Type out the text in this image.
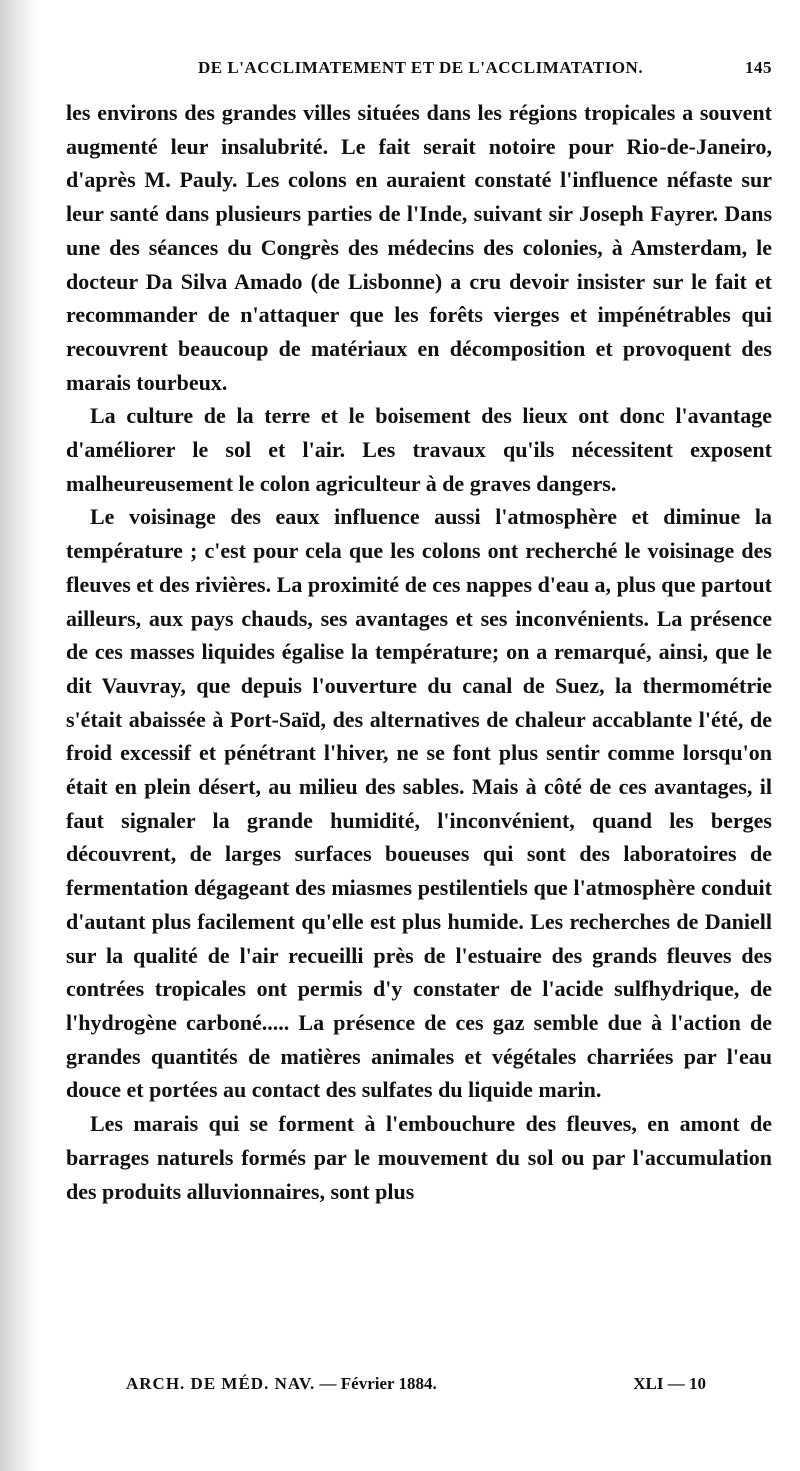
DE L'ACCLIMATEMENT ET DE L'ACCLIMATATION.	145

les environs des grandes villes situées dans les régions tropicales a souvent augmenté leur insalubrité. Le fait serait notoire pour Rio-de-Janeiro, d'après M. Pauly. Les colons en auraient constaté l'influence néfaste sur leur santé dans plusieurs parties de l'Inde, suivant sir Joseph Fayrer. Dans une des séances du Congrès des médecins des colonies, à Amsterdam, le docteur Da Silva Amado (de Lisbonne) a cru devoir insister sur le fait et recommander de n'attaquer que les forêts vierges et impénétrables qui recouvrent beaucoup de matériaux en décomposition et provoquent des marais tourbeux.

La culture de la terre et le boisement des lieux ont donc l'avantage d'améliorer le sol et l'air. Les travaux qu'ils nécessitent exposent malheureusement le colon agriculteur à de graves dangers.

Le voisinage des eaux influence aussi l'atmosphère et diminue la température ; c'est pour cela que les colons ont recherché le voisinage des fleuves et des rivières. La proximité de ces nappes d'eau a, plus que partout ailleurs, aux pays chauds, ses avantages et ses inconvénients. La présence de ces masses liquides égalise la température; on a remarqué, ainsi, que le dit Vauvray, que depuis l'ouverture du canal de Suez, la thermométrie s'était abaissée à Port-Saïd, des alternatives de chaleur accablante l'été, de froid excessif et pénétrant l'hiver, ne se font plus sentir comme lorsqu'on était en plein désert, au milieu des sables. Mais à côté de ces avantages, il faut signaler la grande humidité, l'inconvénient, quand les berges découvrent, de larges surfaces boueuses qui sont des laboratoires de fermentation dégageant des miasmes pestilentiels que l'atmosphère conduit d'autant plus facilement qu'elle est plus humide. Les recherches de Daniell sur la qualité de l'air recueilli près de l'estuaire des grands fleuves des contrées tropicales ont permis d'y constater de l'acide sulfhydrique, de l'hydrogène carboné..... La présence de ces gaz semble due à l'action de grandes quantités de matières animales et végétales charriées par l'eau douce et portées au contact des sulfates du liquide marin.

Les marais qui se forment à l'embouchure des fleuves, en amont de barrages naturels formés par le mouvement du sol ou par l'accumulation des produits alluvionnaires, sont plus

ARCH. DE MÉD. NAV. — Février 1884.	XLI — 10
